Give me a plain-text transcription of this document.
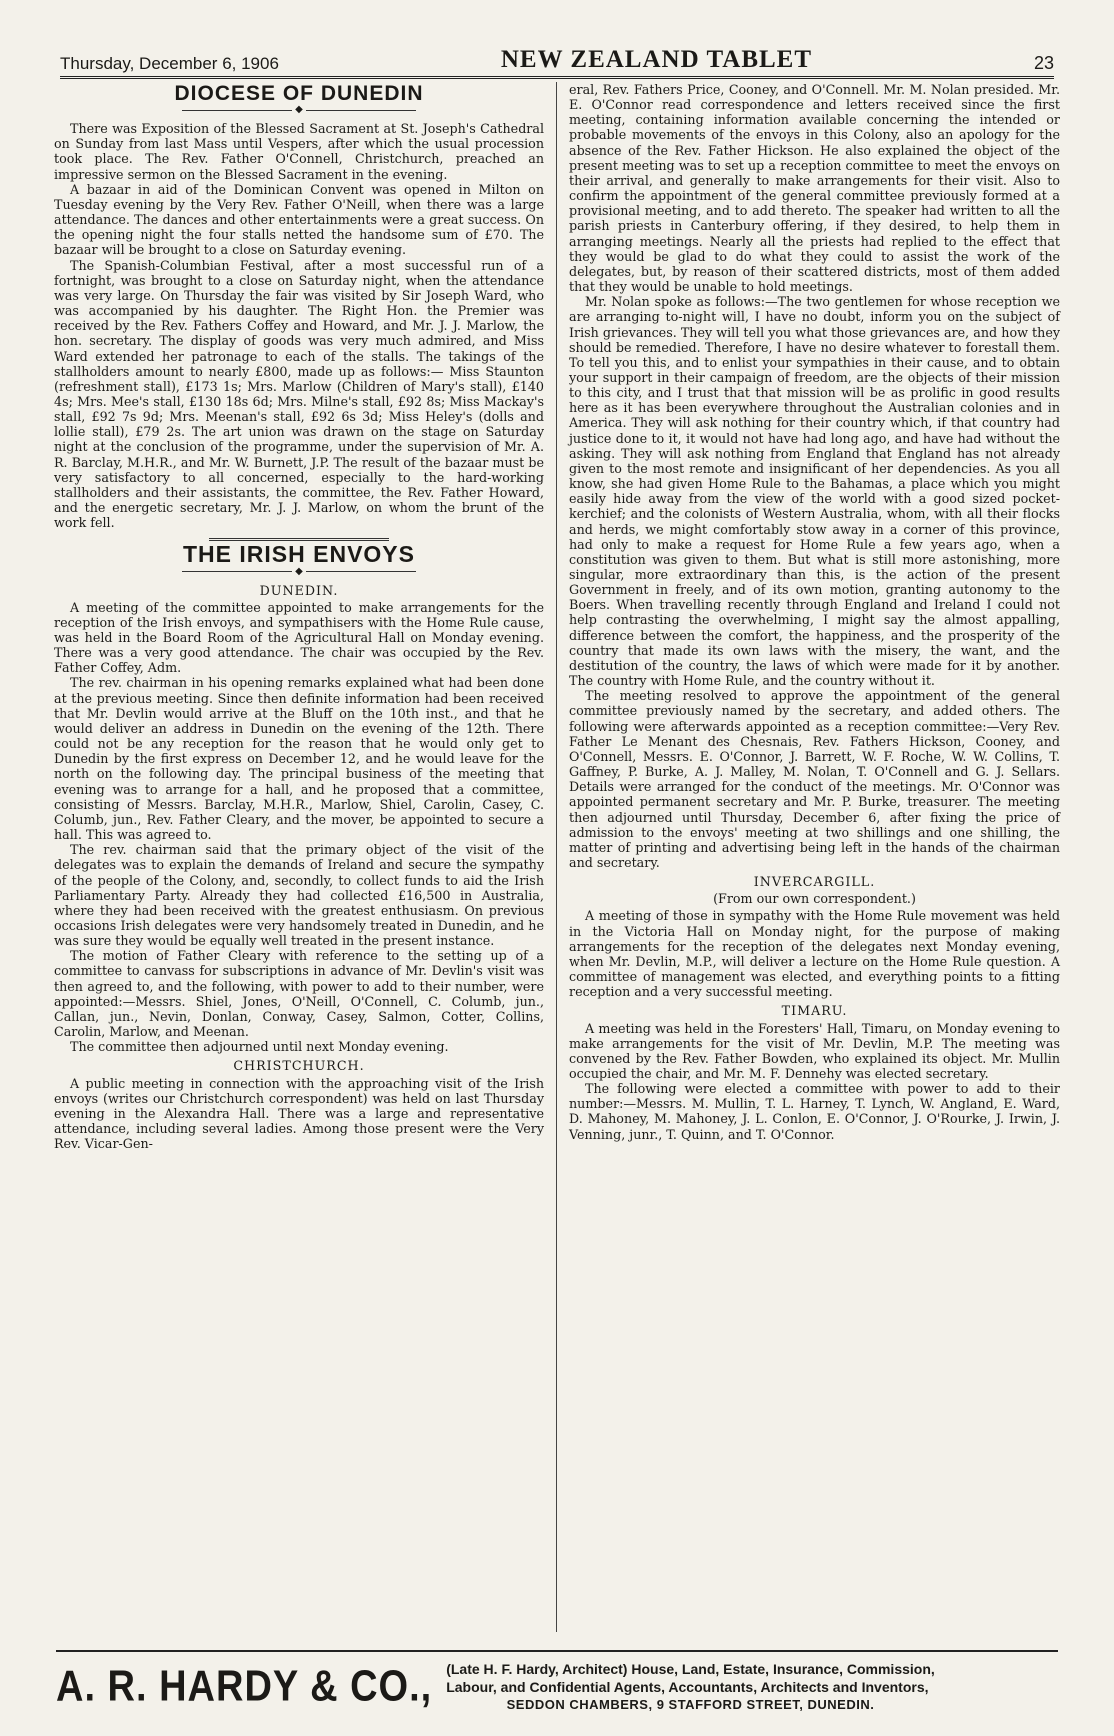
Thursday, December 6, 1906	NEW ZEALAND TABLET	23
DIOCESE OF DUNEDIN
◆

There was Exposition of the Blessed Sacrament at St. Joseph's Cathedral on Sunday from last Mass until Vespers, after which the usual procession took place. The Rev. Father O'Connell, Christchurch, preached an impressive sermon on the Blessed Sacrament in the evening.

A bazaar in aid of the Dominican Convent was opened in Milton on Tuesday evening by the Very Rev. Father O'Neill, when there was a large attendance. The dances and other entertainments were a great success. On the opening night the four stalls netted the handsome sum of £70. The bazaar will be brought to a close on Saturday evening.

The Spanish-Columbian Festival, after a most successful run of a fortnight, was brought to a close on Saturday night, when the attendance was very large. On Thursday the fair was visited by Sir Joseph Ward, who was accompanied by his daughter. The Right Hon. the Premier was received by the Rev. Fathers Coffey and Howard, and Mr. J. J. Marlow, the hon. secretary. The display of goods was very much admired, and Miss Ward extended her patronage to each of the stalls. The takings of the stallholders amount to nearly £800, made up as follows:— Miss Staunton (refreshment stall), £173 1s; Mrs. Marlow (Children of Mary's stall), £140 4s; Mrs. Mee's stall, £130 18s 6d; Mrs. Milne's stall, £92 8s; Miss Mackay's stall, £92 7s 9d; Mrs. Meenan's stall, £92 6s 3d; Miss Heley's (dolls and lollie stall), £79 2s. The art union was drawn on the stage on Saturday night at the conclusion of the programme, under the supervision of Mr. A. R. Barclay, M.H.R., and Mr. W. Burnett, J.P. The result of the bazaar must be very satisfactory to all concerned, especially to the hard-working stallholders and their assistants, the committee, the Rev. Father Howard, and the energetic secretary, Mr. J. J. Marlow, on whom the brunt of the work fell.

THE IRISH ENVOYS
◆
DUNEDIN.

A meeting of the committee appointed to make arrangements for the reception of the Irish envoys, and sympathisers with the Home Rule cause, was held in the Board Room of the Agricultural Hall on Monday evening. There was a very good attendance. The chair was occupied by the Rev. Father Coffey, Adm.

The rev. chairman in his opening remarks explained what had been done at the previous meeting. Since then definite information had been received that Mr. Devlin would arrive at the Bluff on the 10th inst., and that he would deliver an address in Dunedin on the evening of the 12th. There could not be any reception for the reason that he would only get to Dunedin by the first express on December 12, and he would leave for the north on the following day. The principal business of the meeting that evening was to arrange for a hall, and he proposed that a committee, consisting of Messrs. Barclay, M.H.R., Marlow, Shiel, Carolin, Casey, C. Columb, jun., Rev. Father Cleary, and the mover, be appointed to secure a hall. This was agreed to.

The rev. chairman said that the primary object of the visit of the delegates was to explain the demands of Ireland and secure the sympathy of the people of the Colony, and, secondly, to collect funds to aid the Irish Parliamentary Party. Already they had collected £16,500 in Australia, where they had been received with the greatest enthusiasm. On previous occasions Irish delegates were very handsomely treated in Dunedin, and he was sure they would be equally well treated in the present instance.

The motion of Father Cleary with reference to the setting up of a committee to canvass for subscriptions in advance of Mr. Devlin's visit was then agreed to, and the following, with power to add to their number, were appointed:—Messrs. Shiel, Jones, O'Neill, O'Connell, C. Columb, jun., Callan, jun., Nevin, Donlan, Conway, Casey, Salmon, Cotter, Collins, Carolin, Marlow, and Meenan.

The committee then adjourned until next Monday evening.

CHRISTCHURCH.

A public meeting in connection with the approaching visit of the Irish envoys (writes our Christchurch correspondent) was held on last Thursday evening in the Alexandra Hall. There was a large and representative attendance, including several ladies. Among those present were the Very Rev. Vicar-Gen-

eral, Rev. Fathers Price, Cooney, and O'Connell. Mr. M. Nolan presided. Mr. E. O'Connor read correspondence and letters received since the first meeting, containing information available concerning the intended or probable movements of the envoys in this Colony, also an apology for the absence of the Rev. Father Hickson. He also explained the object of the present meeting was to set up a reception committee to meet the envoys on their arrival, and generally to make arrangements for their visit. Also to confirm the appointment of the general committee previously formed at a provisional meeting, and to add thereto. The speaker had written to all the parish priests in Canterbury offering, if they desired, to help them in arranging meetings. Nearly all the priests had replied to the effect that they would be glad to do what they could to assist the work of the delegates, but, by reason of their scattered districts, most of them added that they would be unable to hold meetings.

Mr. Nolan spoke as follows:—The two gentlemen for whose reception we are arranging to-night will, I have no doubt, inform you on the subject of Irish grievances. They will tell you what those grievances are, and how they should be remedied. Therefore, I have no desire whatever to forestall them. To tell you this, and to enlist your sympathies in their cause, and to obtain your support in their campaign of freedom, are the objects of their mission to this city, and I trust that that mission will be as prolific in good results here as it has been everywhere throughout the Australian colonies and in America. They will ask nothing for their country which, if that country had justice done to it, it would not have had long ago, and have had without the asking. They will ask nothing from England that England has not already given to the most remote and insignificant of her dependencies. As you all know, she had given Home Rule to the Bahamas, a place which you might easily hide away from the view of the world with a good sized pocket-kerchief; and the colonists of Western Australia, whom, with all their flocks and herds, we might comfortably stow away in a corner of this province, had only to make a request for Home Rule a few years ago, when a constitution was given to them. But what is still more astonishing, more singular, more extraordinary than this, is the action of the present Government in freely, and of its own motion, granting autonomy to the Boers. When travelling recently through England and Ireland I could not help contrasting the overwhelming, I might say the almost appalling, difference between the comfort, the happiness, and the prosperity of the country that made its own laws with the misery, the want, and the destitution of the country, the laws of which were made for it by another. The country with Home Rule, and the country without it.

The meeting resolved to approve the appointment of the general committee previously named by the secretary, and added others. The following were afterwards appointed as a reception committee:—Very Rev. Father Le Menant des Chesnais, Rev. Fathers Hickson, Cooney, and O'Connell, Messrs. E. O'Connor, J. Barrett, W. F. Roche, W. W. Collins, T. Gaffney, P. Burke, A. J. Malley, M. Nolan, T. O'Connell and G. J. Sellars. Details were arranged for the conduct of the meetings. Mr. O'Connor was appointed permanent secretary and Mr. P. Burke, treasurer. The meeting then adjourned until Thursday, December 6, after fixing the price of admission to the envoys' meeting at two shillings and one shilling, the matter of printing and advertising being left in the hands of the chairman and secretary.

INVERCARGILL.
(From our own correspondent.)

A meeting of those in sympathy with the Home Rule movement was held in the Victoria Hall on Monday night, for the purpose of making arrangements for the reception of the delegates next Monday evening, when Mr. Devlin, M.P., will deliver a lecture on the Home Rule question. A committee of management was elected, and everything points to a fitting reception and a very successful meeting.

TIMARU.

A meeting was held in the Foresters' Hall, Timaru, on Monday evening to make arrangements for the visit of Mr. Devlin, M.P. The meeting was convened by the Rev. Father Bowden, who explained its object. Mr. Mullin occupied the chair, and Mr. M. F. Dennehy was elected secretary.

The following were elected a committee with power to add to their number:—Messrs. M. Mullin, T. L. Harney, T. Lynch, W. Angland, E. Ward, D. Mahoney, M. Mahoney, J. L. Conlon, E. O'Connor, J. O'Rourke, J. Irwin, J. Venning, junr., T. Quinn, and T. O'Connor.

A. R. HARDY & CO., (Late H. F. Hardy, Architect) House, Land, Estate, Insurance, Commission,
Labour, and Confidential Agents, Accountants, Architects and Inventors,
SEDDON CHAMBERS, 9 STAFFORD STREET, DUNEDIN.
